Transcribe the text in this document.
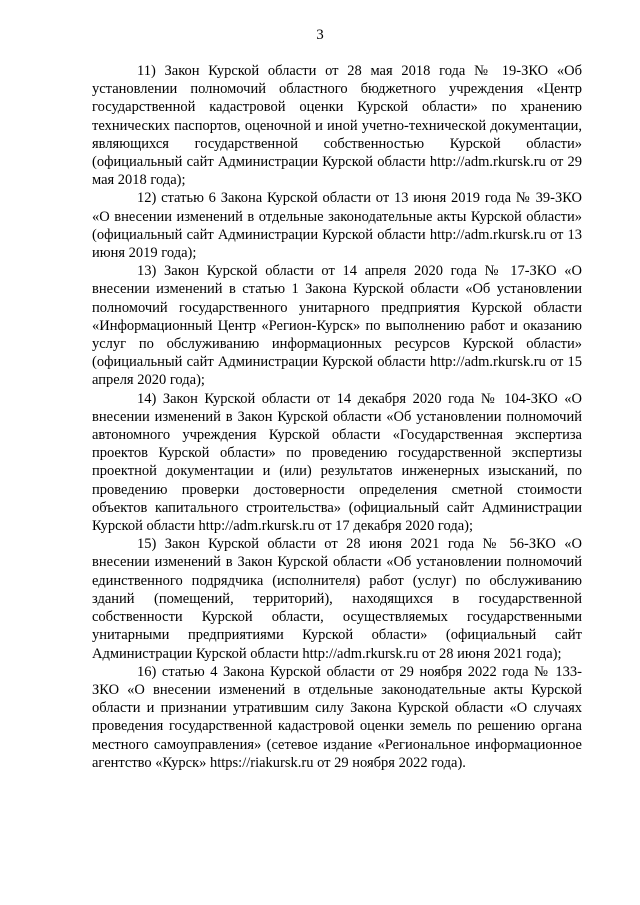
3

11) Закон Курской области от 28 мая 2018 года № 19-ЗКО «Об установлении полномочий областного бюджетного учреждения «Центр государственной кадастровой оценки Курской области» по хранению технических паспортов, оценочной и иной учетно-технической документации, являющихся государственной собственностью Курской области» (официальный сайт Администрации Курской области http://adm.rkursk.ru от 29 мая 2018 года);

12) статью 6 Закона Курской области от 13 июня 2019 года № 39-ЗКО «О внесении изменений в отдельные законодательные акты Курской области» (официальный сайт Администрации Курской области http://adm.rkursk.ru от 13 июня 2019 года);

13) Закон Курской области от 14 апреля 2020 года № 17-ЗКО «О внесении изменений в статью 1 Закона Курской области «Об установлении полномочий государственного унитарного предприятия Курской области «Информационный Центр «Регион-Курск» по выполнению работ и оказанию услуг по обслуживанию информационных ресурсов Курской области» (официальный сайт Администрации Курской области http://adm.rkursk.ru от 15 апреля 2020 года);

14) Закон Курской области от 14 декабря 2020 года № 104-ЗКО «О внесении изменений в Закон Курской области «Об установлении полномочий автономного учреждения Курской области «Государственная экспертиза проектов Курской области» по проведению государственной экспертизы проектной документации и (или) результатов инженерных изысканий, по проведению проверки достоверности определения сметной стоимости объектов капитального строительства» (официальный сайт Администрации Курской области http://adm.rkursk.ru от 17 декабря 2020 года);

15) Закон Курской области от 28 июня 2021 года № 56-ЗКО «О внесении изменений в Закон Курской области «Об установлении полномочий единственного подрядчика (исполнителя) работ (услуг) по обслуживанию зданий (помещений, территорий), находящихся в государственной собственности Курской области, осуществляемых государственными унитарными предприятиями Курской области» (официальный сайт Администрации Курской области http://adm.rkursk.ru от 28 июня 2021 года);

16) статью 4 Закона Курской области от 29 ноября 2022 года № 133-ЗКО «О внесении изменений в отдельные законодательные акты Курской области и признании утратившим силу Закона Курской области «О случаях проведения государственной кадастровой оценки земель по решению органа местного самоуправления» (сетевое издание «Региональное информационное агентство «Курск» https://riakursk.ru от 29 ноября 2022 года).
